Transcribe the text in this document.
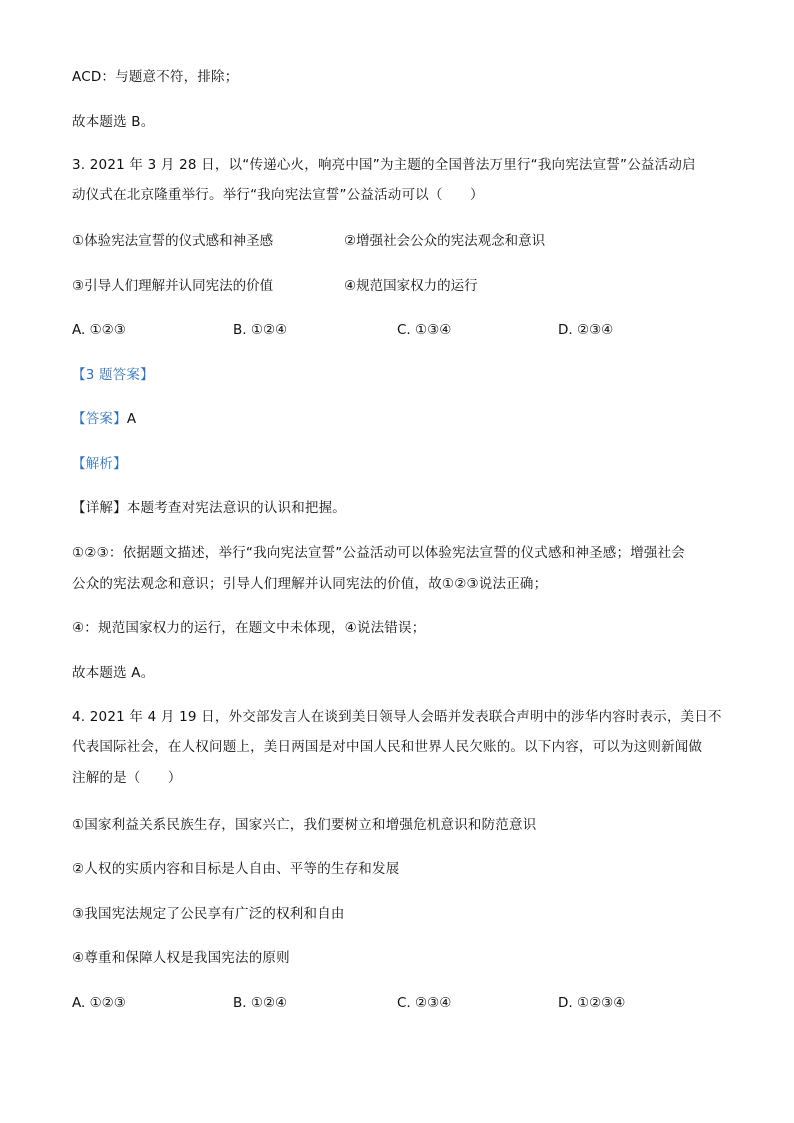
ACD：与题意不符，排除；
故本题选 B。
3. 2021 年 3 月 28 日，以“传递心火，响亮中国”为主题的全国普法万里行“我向宪法宣誓”公益活动启
动仪式在北京隆重举行。举行“我向宪法宣誓”公益活动可以（　　）
①体验宪法宣誓的仪式感和神圣感	②增强社会公众的宪法观念和意识
③引导人们理解并认同宪法的价值	④规范国家权力的运行
A. ①②③	B. ①②④	C. ①③④	D. ②③④
【3 题答案】
【答案】A
【解析】
【详解】本题考查对宪法意识的认识和把握。
①②③：依据题文描述，举行“我向宪法宣誓”公益活动可以体验宪法宣誓的仪式感和神圣感；增强社会
公众的宪法观念和意识；引导人们理解并认同宪法的价值，故①②③说法正确；
④：规范国家权力的运行，在题文中未体现，④说法错误；
故本题选 A。
4. 2021 年 4 月 19 日，外交部发言人在谈到美日领导人会晤并发表联合声明中的涉华内容时表示，美日不
代表国际社会，在人权问题上，美日两国是对中国人民和世界人民欠账的。以下内容，可以为这则新闻做
注解的是（　　）
①国家利益关系民族生存，国家兴亡，我们要树立和增强危机意识和防范意识
②人权的实质内容和目标是人自由、平等的生存和发展
③我国宪法规定了公民享有广泛的权利和自由
④尊重和保障人权是我国宪法的原则
A. ①②③	B. ①②④	C. ②③④	D. ①②③④
